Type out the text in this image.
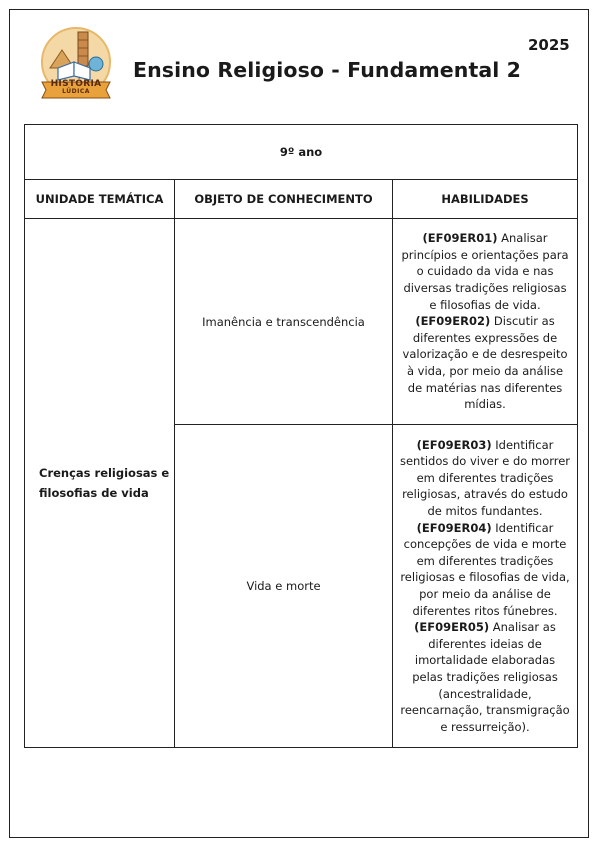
HISTÓRIA
LÚDICA
2025
Ensino Religioso - Fundamental 2
9º ano		
UNIDADE TEMÁTICA	OBJETO DE CONHECIMENTO	HABILIDADES
Crenças religiosas e filosofias de vida	Imanência e transcendência	(EF09ER01) Analisar princípios e orientações para o cuidado da vida e nas diversas tradições religiosas e filosofias de vida.
(EF09ER02) Discutir as diferentes expressões de valorização e de desrespeito à vida, por meio da análise de matérias nas diferentes mídias.

	Vida e morte	(EF09ER03) Identificar sentidos do viver e do morrer em diferentes tradições religiosas, através do estudo de mitos fundantes.
(EF09ER04) Identificar concepções de vida e morte em diferentes tradições religiosas e filosofias de vida, por meio da análise de diferentes ritos fúnebres.
(EF09ER05) Analisar as diferentes ideias de imortalidade elaboradas pelas tradições religiosas (ancestralidade, reencarnação, transmigração e ressurreição).
